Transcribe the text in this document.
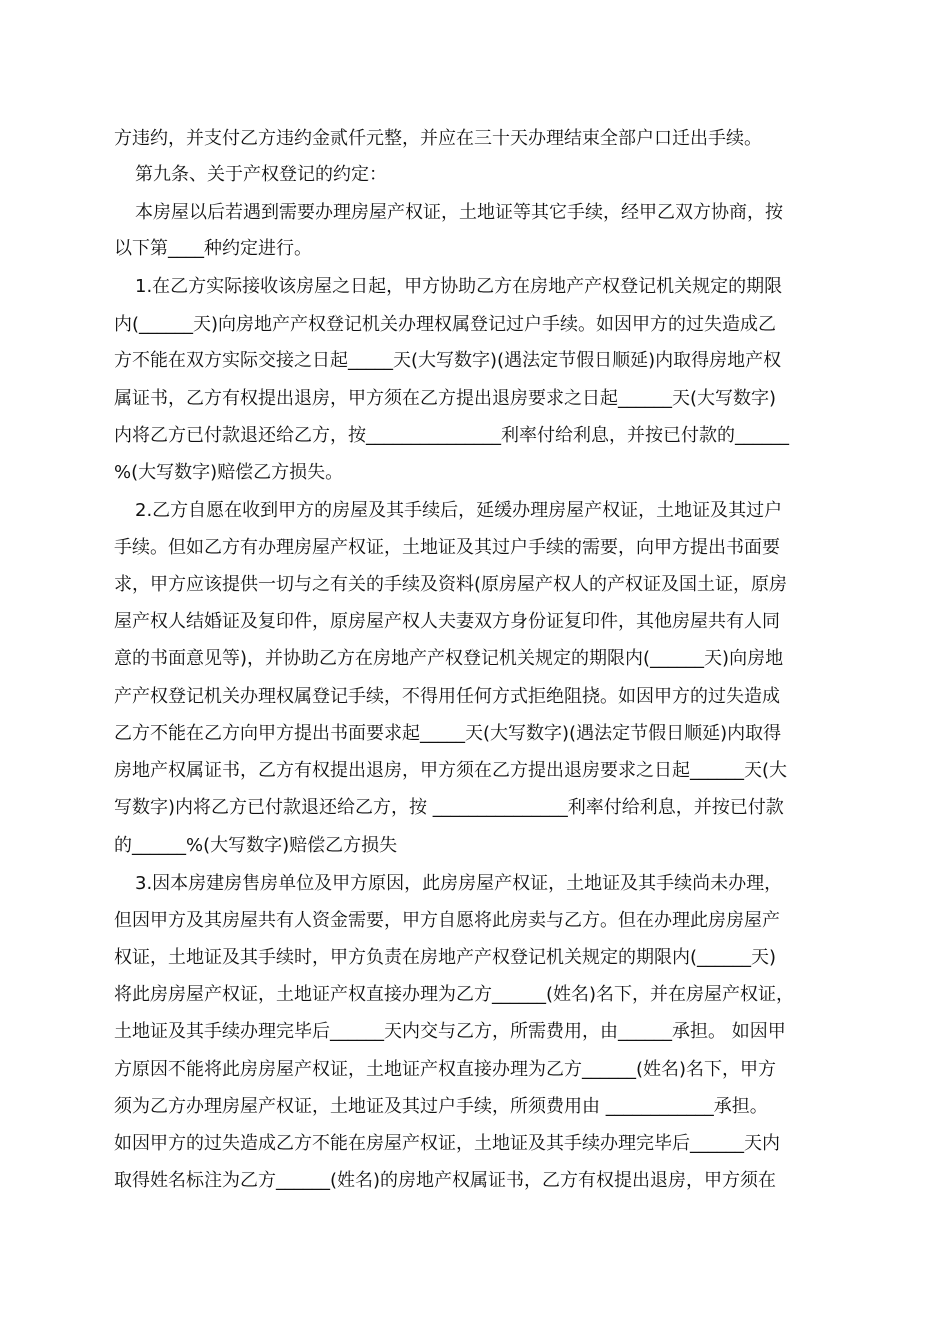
方违约，并支付乙方违约金贰仟元整，并应在三十天办理结束全部户口迁出手续。
第九条、关于产权登记的约定：
本房屋以后若遇到需要办理房屋产权证，土地证等其它手续，经甲乙双方协商，按
以下第____种约定进行。
1.在乙方实际接收该房屋之日起，甲方协助乙方在房地产产权登记机关规定的期限
内(______天)向房地产产权登记机关办理权属登记过户手续。如因甲方的过失造成乙
方不能在双方实际交接之日起_____天(大写数字)(遇法定节假日顺延)内取得房地产权
属证书，乙方有权提出退房，甲方须在乙方提出退房要求之日起______天(大写数字)
内将乙方已付款退还给乙方，按_______________利率付给利息，并按已付款的______
%(大写数字)赔偿乙方损失。
2.乙方自愿在收到甲方的房屋及其手续后，延缓办理房屋产权证，土地证及其过户
手续。但如乙方有办理房屋产权证，土地证及其过户手续的需要，向甲方提出书面要
求，甲方应该提供一切与之有关的手续及资料(原房屋产权人的产权证及国土证，原房
屋产权人结婚证及复印件，原房屋产权人夫妻双方身份证复印件，其他房屋共有人同
意的书面意见等)，并协助乙方在房地产产权登记机关规定的期限内(______天)向房地
产产权登记机关办理权属登记手续，不得用任何方式拒绝阻挠。如因甲方的过失造成
乙方不能在乙方向甲方提出书面要求起_____天(大写数字)(遇法定节假日顺延)内取得
房地产权属证书，乙方有权提出退房，甲方须在乙方提出退房要求之日起______天(大
写数字)内将乙方已付款退还给乙方，按 _______________利率付给利息，并按已付款
的______%(大写数字)赔偿乙方损失
3.因本房建房售房单位及甲方原因，此房房屋产权证，土地证及其手续尚未办理，
但因甲方及其房屋共有人资金需要，甲方自愿将此房卖与乙方。但在办理此房房屋产
权证，土地证及其手续时，甲方负责在房地产产权登记机关规定的期限内(______天)
将此房房屋产权证，土地证产权直接办理为乙方______(姓名)名下，并在房屋产权证，
土地证及其手续办理完毕后______天内交与乙方，所需费用，由______承担。 如因甲
方原因不能将此房房屋产权证，土地证产权直接办理为乙方______(姓名)名下，甲方
须为乙方办理房屋产权证，土地证及其过户手续，所须费用由 ____________承担。
如因甲方的过失造成乙方不能在房屋产权证，土地证及其手续办理完毕后______天内
取得姓名标注为乙方______(姓名)的房地产权属证书，乙方有权提出退房，甲方须在
